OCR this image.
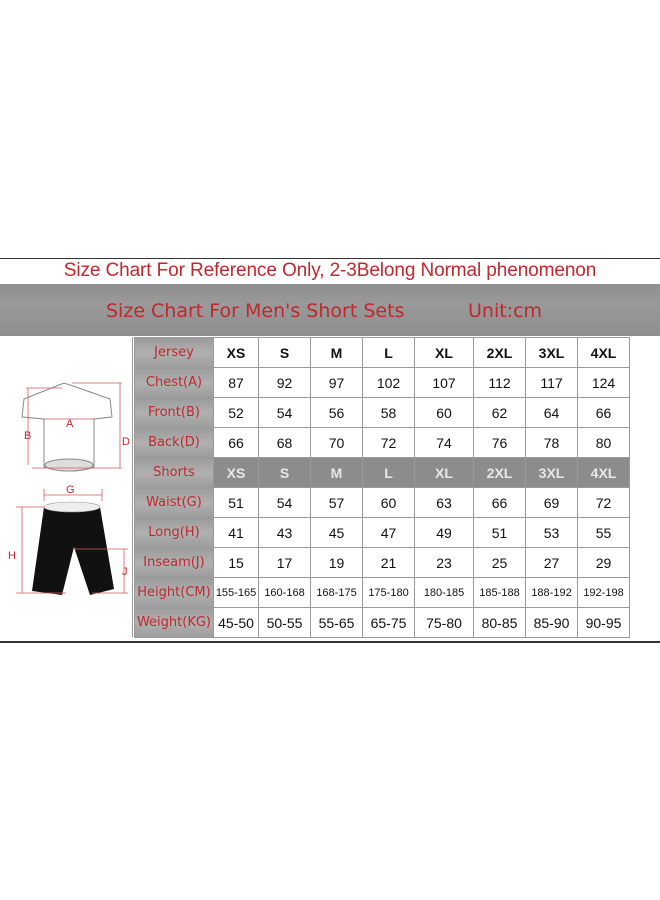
Size Chart For Reference Only, 2-3Belong Normal phenomenon
Size Chart For Men's Short Sets	Unit:cm
A
B	D
G
H
J
Jersey	XS	S	M	L	XL	2XL	3XL	4XL
Chest(A)	87	92	97	102	107	112	117	124
Front(B)	52	54	56	58	60	62	64	66
Back(D)	66	68	70	72	74	76	78	80
Shorts	XS	S	M	L	XL	2XL	3XL	4XL
Waist(G)	51	54	57	60	63	66	69	72
Long(H)	41	43	45	47	49	51	53	55
Inseam(J)	15	17	19	21	23	25	27	29
Height(CM)	155-165	160-168	168-175	175-180	180-185	185-188	188-192	192-198
Weight(KG)	45-50	50-55	55-65	65-75	75-80	80-85	85-90	90-95
